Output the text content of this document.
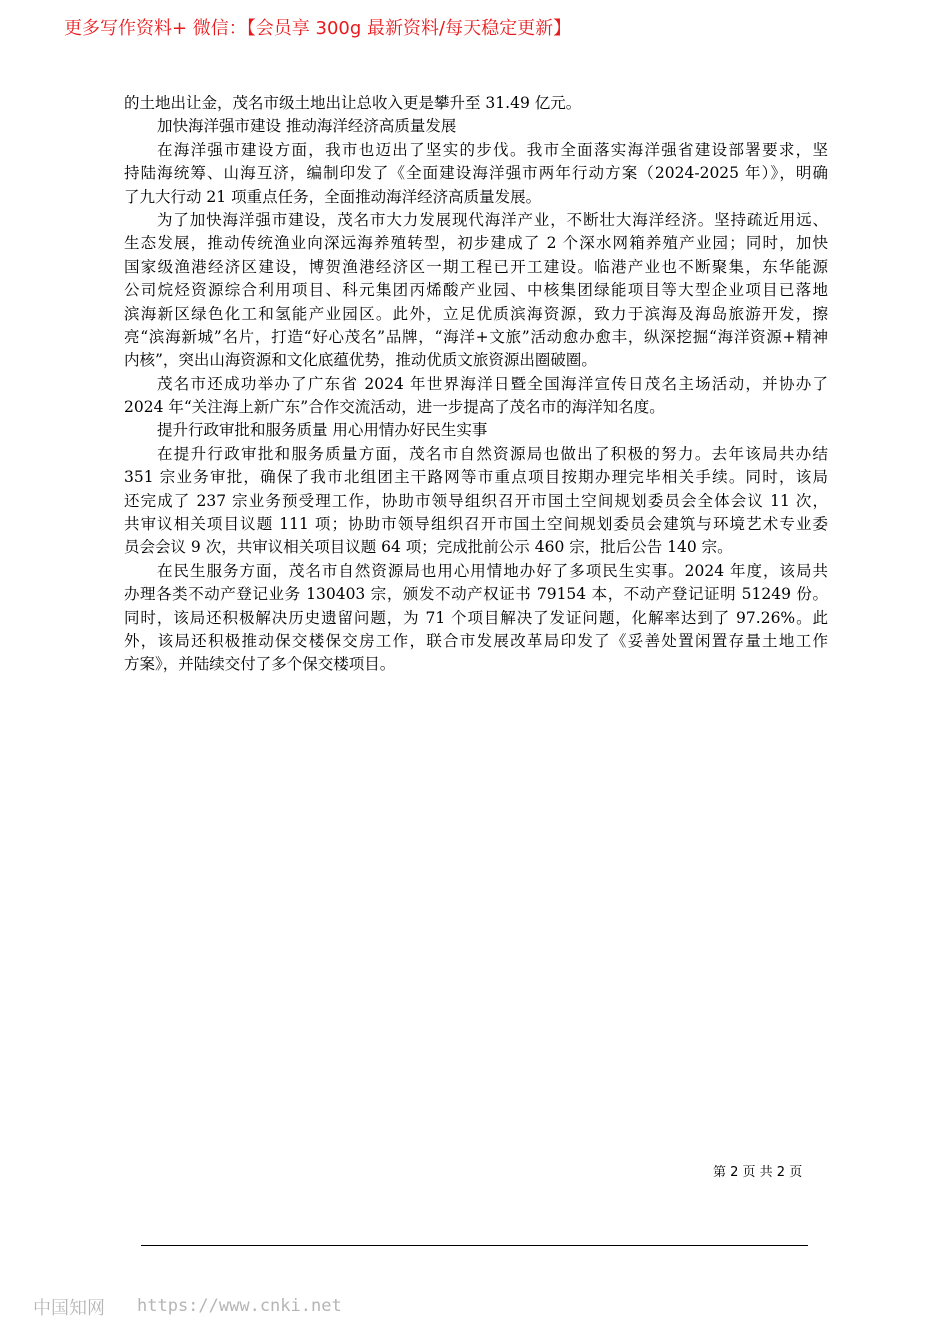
更多写作资料+ 微信：【会员享 300g 最新资料/每天稳定更新】
的土地出让金，茂名市级土地出让总收入更是攀升至 31.49 亿元。
加快海洋强市建设 推动海洋经济高质量发展
在海洋强市建设方面，我市也迈出了坚实的步伐。我市全面落实海洋强省建设部署要求，坚
持陆海统筹、山海互济，编制印发了《全面建设海洋强市两年行动方案（2024-2025 年）》，明确
了九大行动 21 项重点任务，全面推动海洋经济高质量发展。
为了加快海洋强市建设，茂名市大力发展现代海洋产业，不断壮大海洋经济。坚持疏近用远、
生态发展，推动传统渔业向深远海养殖转型，初步建成了 2 个深水网箱养殖产业园；同时，加快
国家级渔港经济区建设，博贺渔港经济区一期工程已开工建设。临港产业也不断聚集，东华能源
公司烷烃资源综合利用项目、科元集团丙烯酸产业园、中核集团绿能项目等大型企业项目已落地
滨海新区绿色化工和氢能产业园区。此外，立足优质滨海资源，致力于滨海及海岛旅游开发，擦
亮“滨海新城”名片，打造“好心茂名”品牌，“海洋+文旅”活动愈办愈丰，纵深挖掘“海洋资源+精神
内核”，突出山海资源和文化底蕴优势，推动优质文旅资源出圈破圈。
茂名市还成功举办了广东省 2024 年世界海洋日暨全国海洋宣传日茂名主场活动，并协办了
2024 年“关注海上新广东”合作交流活动，进一步提高了茂名市的海洋知名度。
提升行政审批和服务质量 用心用情办好民生实事
在提升行政审批和服务质量方面，茂名市自然资源局也做出了积极的努力。去年该局共办结
351 宗业务审批，确保了我市北组团主干路网等市重点项目按期办理完毕相关手续。同时，该局
还完成了 237 宗业务预受理工作，协助市领导组织召开市国土空间规划委员会全体会议 11 次，
共审议相关项目议题 111 项；协助市领导组织召开市国土空间规划委员会建筑与环境艺术专业委
员会会议 9 次，共审议相关项目议题 64 项；完成批前公示 460 宗，批后公告 140 宗。
在民生服务方面，茂名市自然资源局也用心用情地办好了多项民生实事。2024 年度，该局共
办理各类不动产登记业务 130403 宗，颁发不动产权证书 79154 本，不动产登记证明 51249 份。
同时，该局还积极解决历史遗留问题，为 71 个项目解决了发证问题，化解率达到了 97.26%。此
外，该局还积极推动保交楼保交房工作，联合市发展改革局印发了《妥善处置闲置存量土地工作
方案》，并陆续交付了多个保交楼项目。
第 2 页 共 2 页
中国知网 https://www.cnki.net
